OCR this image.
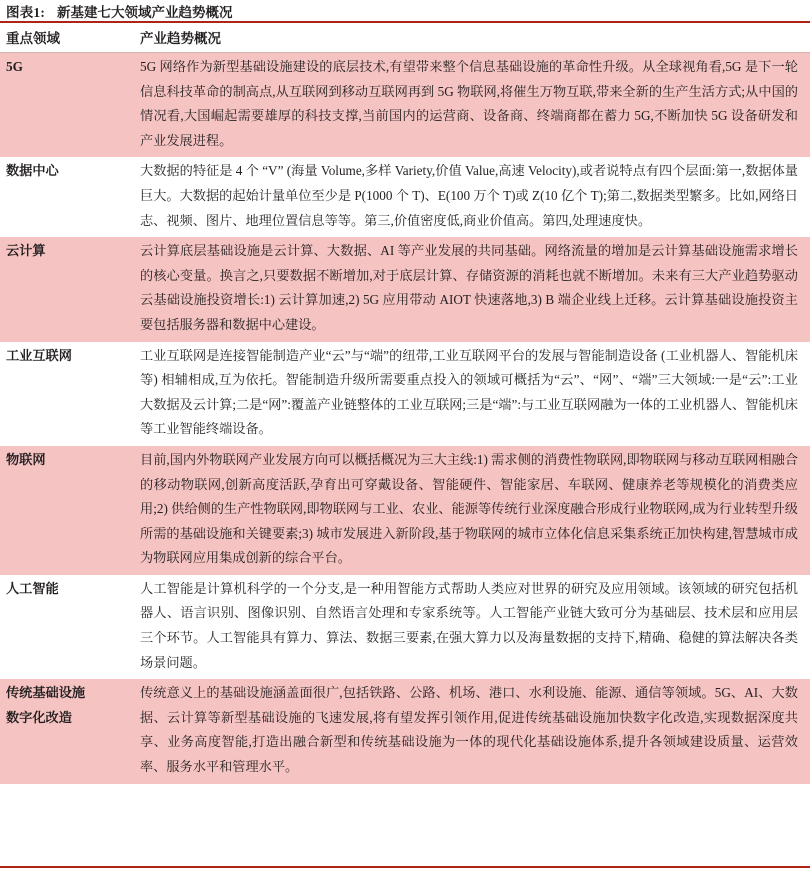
图表1: 新基建七大领域产业趋势概况
重点领域	产业趋势概况
5G	5G 网络作为新型基础设施建设的底层技术,有望带来整个信息基础设施的革命性升级。从全球视角看,5G 是下一轮信息科技革命的制高点,从互联网到移动互联网再到 5G 物联网,将催生万物互联,带来全新的生产生活方式;从中国的情况看,大国崛起需要雄厚的科技支撑,当前国内的运营商、设备商、终端商都在蓄力 5G,不断加快 5G 设备研发和产业发展进程。
数据中心	大数据的特征是 4 个 “V” (海量 Volume,多样 Variety,价值 Value,高速 Velocity),或者说特点有四个层面:第一,数据体量巨大。大数据的起始计量单位至少是 P(1000 个 T)、E(100 万个 T)或 Z(10 亿个 T);第二,数据类型繁多。比如,网络日志、视频、图片、地理位置信息等等。第三,价值密度低,商业价值高。第四,处理速度快。
云计算	云计算底层基础设施是云计算、大数据、AI 等产业发展的共同基础。网络流量的增加是云计算基础设施需求增长的核心变量。换言之,只要数据不断增加,对于底层计算、存储资源的消耗也就不断增加。未来有三大产业趋势驱动云基础设施投资增长:1) 云计算加速,2) 5G 应用带动 AIOT 快速落地,3) B 端企业线上迁移。云计算基础设施投资主要包括服务器和数据中心建设。
工业互联网	工业互联网是连接智能制造产业“云”与“端”的纽带,工业互联网平台的发展与智能制造设备 (工业机器人、智能机床等) 相辅相成,互为依托。智能制造升级所需要重点投入的领域可概括为“云”、“网”、“端”三大领域:一是“云”:工业大数据及云计算;二是“网”:覆盖产业链整体的工业互联网;三是“端”:与工业互联网融为一体的工业机器人、智能机床等工业智能终端设备。
物联网	目前,国内外物联网产业发展方向可以概括概况为三大主线:1) 需求侧的消费性物联网,即物联网与移动互联网相融合的移动物联网,创新高度活跃,孕育出可穿戴设备、智能硬件、智能家居、车联网、健康养老等规模化的消费类应用;2) 供给侧的生产性物联网,即物联网与工业、农业、能源等传统行业深度融合形成行业物联网,成为行业转型升级所需的基础设施和关键要素;3) 城市发展进入新阶段,基于物联网的城市立体化信息采集系统正加快构建,智慧城市成为物联网应用集成创新的综合平台。
人工智能	人工智能是计算机科学的一个分支,是一种用智能方式帮助人类应对世界的研究及应用领域。该领域的研究包括机器人、语言识别、图像识别、自然语言处理和专家系统等。人工智能产业链大致可分为基础层、技术层和应用层三个环节。人工智能具有算力、算法、数据三要素,在强大算力以及海量数据的支持下,精确、稳健的算法解决各类场景问题。
传统基础设施
数字化改造	传统意义上的基础设施涵盖面很广,包括铁路、公路、机场、港口、水利设施、能源、通信等领域。5G、AI、大数据、云计算等新型基础设施的飞速发展,将有望发挥引领作用,促进传统基础设施加快数字化改造,实现数据深度共享、业务高度智能,打造出融合新型和传统基础设施为一体的现代化基础设施体系,提升各领域建设质量、运营效率、服务水平和管理水平。
头条 @未来智库
